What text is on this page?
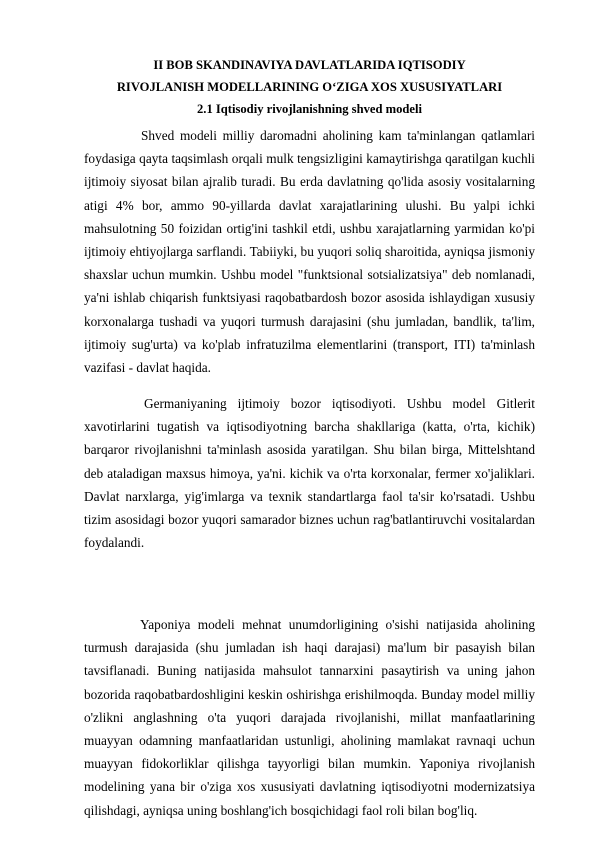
II BOB SKANDINAVIYA DAVLATLARIDA IQTISODIY

RIVOJLANISH MODELLARINING O‘ZIGA XOS XUSUSIYATLARI

2.1 Iqtisodiy rivojlanishning shved modeli

Shved modeli milliy daromadni aholining kam ta'minlangan qatlamlari foydasiga qayta taqsimlash orqali mulk tengsizligini kamaytirishga qaratilgan kuchli ijtimoiy siyosat bilan ajralib turadi. Bu erda davlatning qo'lida asosiy vositalarning atigi 4% bor, ammo 90-yillarda davlat xarajatlarining ulushi. Bu yalpi ichki mahsulotning 50 foizidan ortig'ini tashkil etdi, ushbu xarajatlarning yarmidan ko'pi ijtimoiy ehtiyojlarga sarflandi. Tabiiyki, bu yuqori soliq sharoitida, ayniqsa jismoniy shaxslar uchun mumkin. Ushbu model "funktsional sotsializatsiya" deb nomlanadi, ya'ni ishlab chiqarish funktsiyasi raqobatbardosh bozor asosida ishlaydigan xususiy korxonalarga tushadi va yuqori turmush darajasini (shu jumladan, bandlik, ta'lim, ijtimoiy sug'urta) va ko'plab infratuzilma elementlarini (transport, ITI) ta'minlash vazifasi - davlat haqida.

Germaniyaning ijtimoiy bozor iqtisodiyoti. Ushbu model Gitlerit xavotirlarini tugatish va iqtisodiyotning barcha shakllariga (katta, o'rta, kichik) barqaror rivojlanishni ta'minlash asosida yaratilgan. Shu bilan birga, Mittelshtand deb ataladigan maxsus himoya, ya'ni. kichik va o'rta korxonalar, fermer xo'jaliklari. Davlat narxlarga, yig'imlarga va texnik standartlarga faol ta'sir ko'rsatadi. Ushbu tizim asosidagi bozor yuqori samarador biznes uchun rag'batlantiruvchi vositalardan foydalandi.

Yaponiya modeli mehnat unumdorligining o'sishi natijasida aholining turmush darajasida (shu jumladan ish haqi darajasi) ma'lum bir pasayish bilan tavsiflanadi. Buning natijasida mahsulot tannarxini pasaytirish va uning jahon bozorida raqobatbardoshligini keskin oshirishga erishilmoqda. Bunday model milliy o'zlikni anglashning o'ta yuqori darajada rivojlanishi, millat manfaatlarining muayyan odamning manfaatlaridan ustunligi, aholining mamlakat ravnaqi uchun muayyan fidokorliklar qilishga tayyorligi bilan mumkin. Yaponiya rivojlanish modelining yana bir o'ziga xos xususiyati davlatning iqtisodiyotni modernizatsiya qilishdagi, ayniqsa uning boshlang'ich bosqichidagi faol roli bilan bog'liq.
